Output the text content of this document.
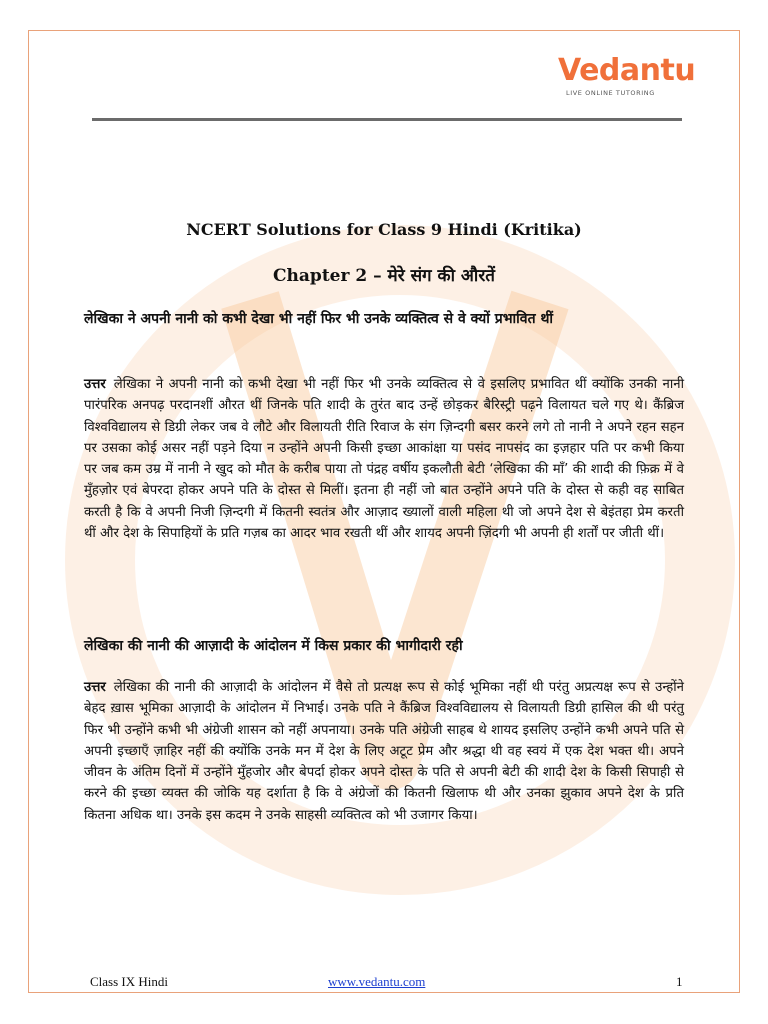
Vedantu
LIVE ONLINE TUTORING
NCERT Solutions for Class 9 Hindi (Kritika)
Chapter 2 – मेरे संग की औरतें
लेखिका ने अपनी नानी को कभी देखा भी नहीं फिर भी उनके व्यक्तित्व से वे क्यों प्रभावित थीं
उत्तर लेखिका ने अपनी नानी को कभी देखा भी नहीं फिर भी उनके व्यक्तित्व से वे इसलिए प्रभावित थीं क्योंकि उनकी नानी पारंपरिक अनपढ़ परदानशीं औरत थीं जिनके पति शादी के तुरंत बाद उन्हें छोड़कर बैरिस्ट्री पढ़ने विलायत चले गए थे। कैंब्रिज विश्वविद्यालय से डिग्री लेकर जब वे लौटे और विलायती रीति रिवाज के संग ज़िन्दगी बसर करने लगे तो नानी ने अपने रहन सहन पर उसका कोई असर नहीं पड़ने दिया न उन्होंने अपनी किसी इच्छा आकांक्षा या पसंद नापसंद का इज़हार पति पर कभी किया पर जब कम उम्र में नानी ने खुद को मौत के करीब पाया तो पंद्रह वर्षीय इकलौती बेटी ‘लेखिका की माँ’ की शादी की फ़िक्र में वे मुँहज़ोर एवं बेपरदा होकर अपने पति के दोस्त से मिलीं। इतना ही नहीं जो बात उन्होंने अपने पति के दोस्त से कही वह साबित करती है कि वे अपनी निजी ज़िन्दगी में कितनी स्वतंत्र और आज़ाद ख्यालों वाली महिला थी जो अपने देश से बेइंतहा प्रेम करती थीं और देश के सिपाहियों के प्रति गज़ब का आदर भाव रखती थीं और शायद अपनी ज़िंदगी भी अपनी ही शर्तों पर जीती थीं।
लेखिका की नानी की आज़ादी के आंदोलन में किस प्रकार की भागीदारी रही
उत्तर लेखिका की नानी की आज़ादी के आंदोलन में वैसे तो प्रत्यक्ष रूप से कोई भूमिका नहीं थी परंतु अप्रत्यक्ष रूप से उन्होंने बेहद ख़ास भूमिका आज़ादी के आंदोलन में निभाई। उनके पति ने कैंब्रिज विश्वविद्यालय से विलायती डिग्री हासिल की थी परंतु फिर भी उन्होंने कभी भी अंग्रेजी शासन को नहीं अपनाया। उनके पति अंग्रेजी साहब थे शायद इसलिए उन्होंने कभी अपने पति से अपनी इच्छाएँ ज़ाहिर नहीं की क्योंकि उनके मन में देश के लिए अटूट प्रेम और श्रद्धा थी वह स्वयं में एक देश भक्त थी। अपने जीवन के अंतिम दिनों में उन्होंने मुँहजोर और बेपर्दा होकर अपने दोस्त के पति से अपनी बेटी की शादी देश के किसी सिपाही से करने की इच्छा व्यक्त की जोकि यह दर्शाता है कि वे अंग्रेजों की कितनी खिलाफ थी और उनका झुकाव अपने देश के प्रति कितना अधिक था। उनके इस कदम ने उनके साहसी व्यक्तित्व को भी उजागर किया।
Class IX Hindi	www.vedantu.com	1
